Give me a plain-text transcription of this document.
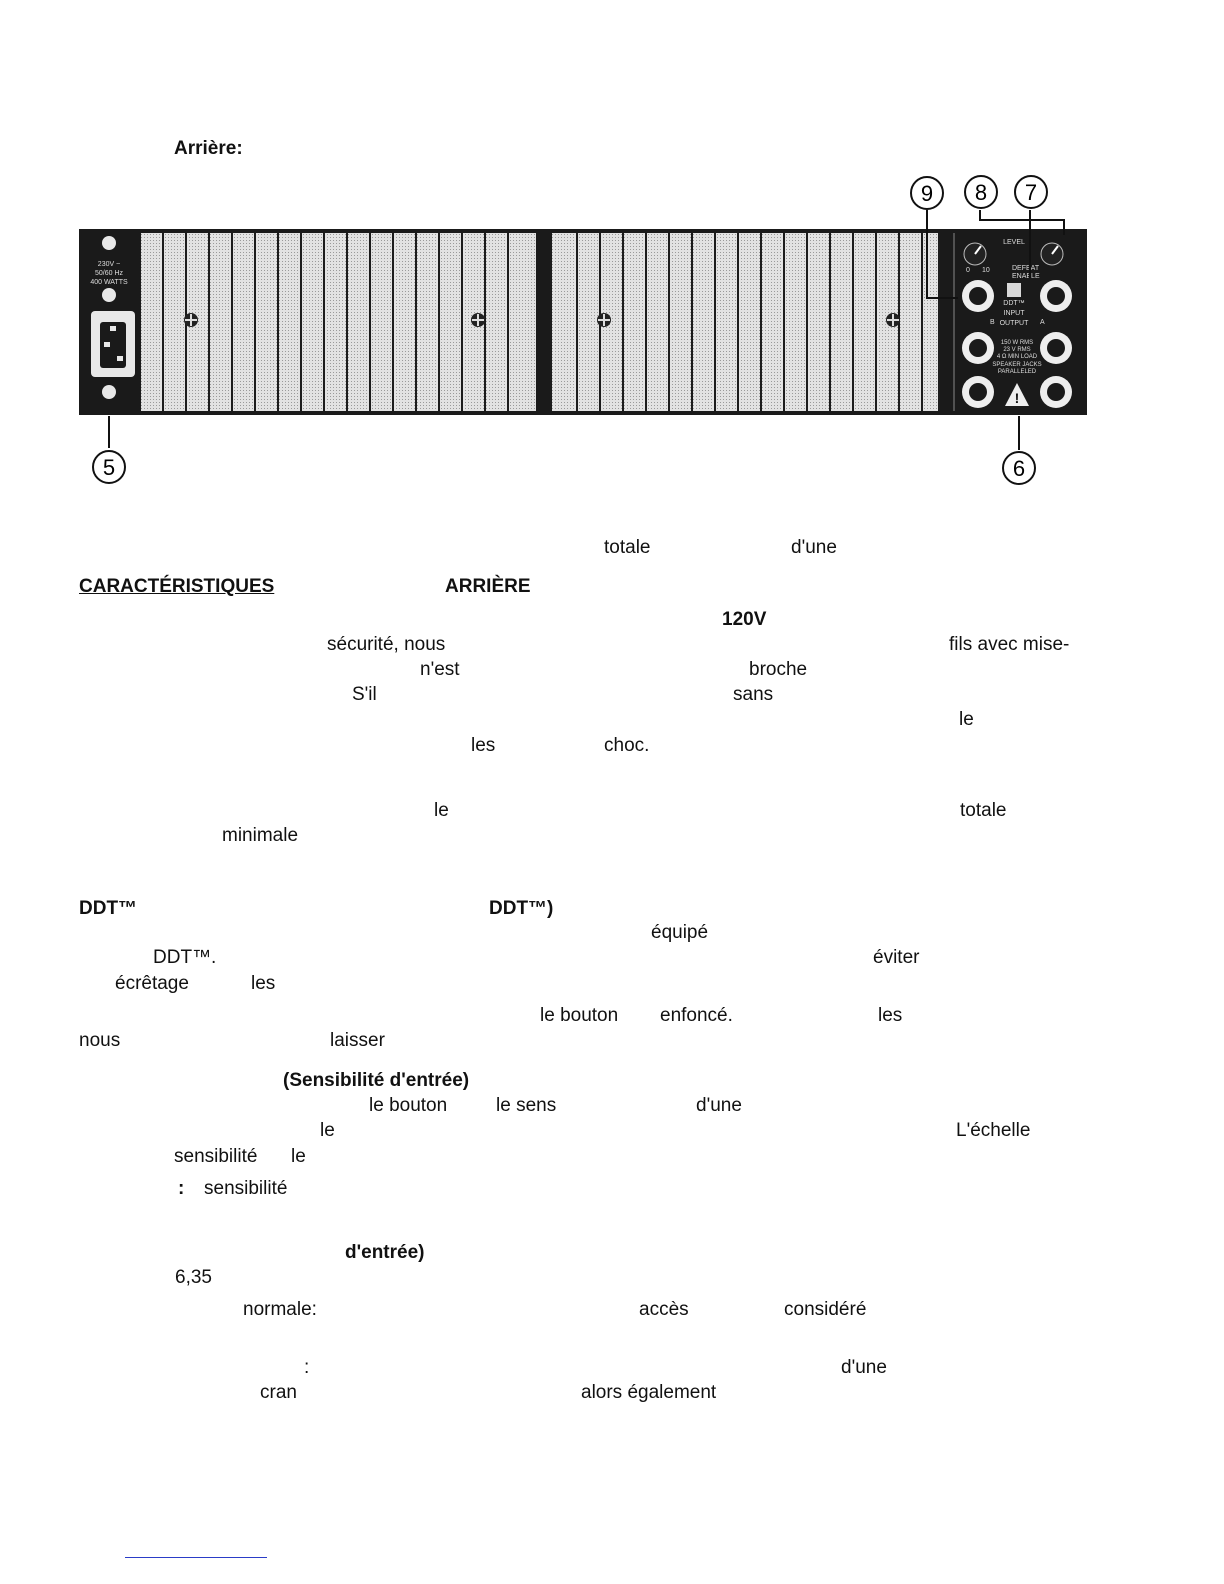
Arrière:
230V ~
50/60 Hz
400 WATTS
LEVEL
0 10	DEFEAT
ENABLE
DDT™
INPUT
OUTPUT
B	A
150 W RMS
23 V RMS
4 Ω MIN LOAD
SPEAKER JACKS
PARALLELED
!
5	6
7
8
9
totale	d'une
CARACTÉRISTIQUES	ARRIÈRE
120V
sécurité, nous	fils avec mise-
n'est	broche
S'il	sans
le
les	choc.
le	totale
minimale
DDT™	DDT™)
équipé
DDT™.	éviter
écrêtage	les
le bouton enfoncé.	les
nous	laisser
(Sensibilité d'entrée)
le bouton	le sens	d'une
le	L'échelle
sensibilité le
: sensibilité
d'entrée)
6,35
normale:	accès	considéré
:	d'une
cran	alors également
